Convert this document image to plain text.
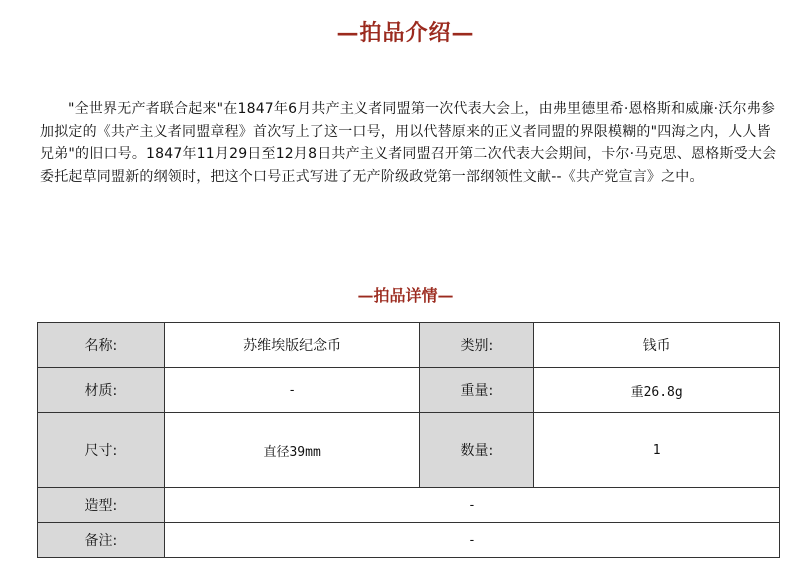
—拍品介绍—

"全世界无产者联合起来"在1847年6月共产主义者同盟第一次代表大会上，由弗里德里希·恩格斯和威廉·沃尔弗参加拟定的《共产主义者同盟章程》首次写上了这一口号，用以代替原来的正义者同盟的界限模糊的"四海之内，人人皆兄弟"的旧口号。1847年11月29日至12月8日共产主义者同盟召开第二次代表大会期间，卡尔·马克思、恩格斯受大会委托起草同盟新的纲领时，把这个口号正式写进了无产阶级政党第一部纲领性文献--《共产党宣言》之中。

—拍品详情—
名称:	苏维埃版纪念币	类别:	钱币
材质:	-	重量:	重26.8g
尺寸:	直径39mm	数量:	1
造型:	-		
备注:	-		
